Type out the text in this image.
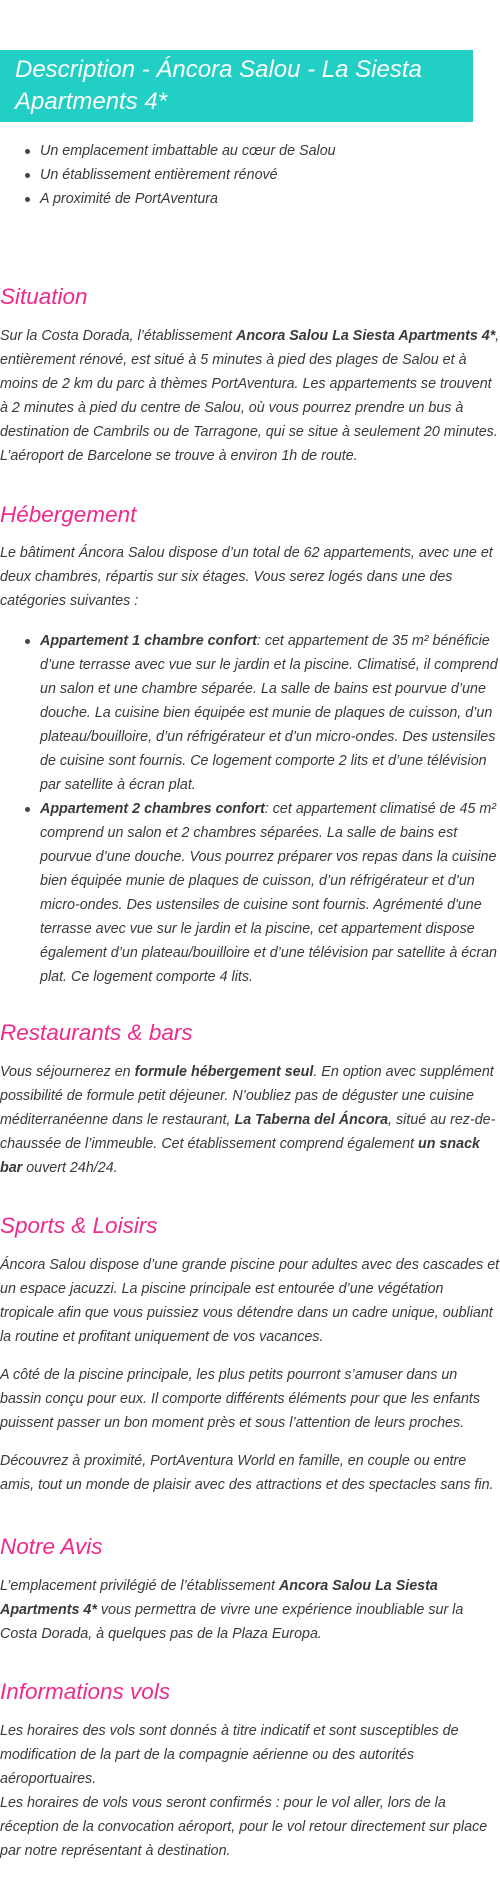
Description - Áncora Salou - La Siesta Apartments 4*
Un emplacement imbattable au cœur de Salou
Un établissement entièrement rénové
A proximité de PortAventura
Situation

Sur la Costa Dorada, l’établissement Ancora Salou La Siesta Apartments 4*, entièrement rénové, est situé à 5 minutes à pied des plages de Salou et à moins de 2 km du parc à thèmes PortAventura. Les appartements se trouvent à 2 minutes à pied du centre de Salou, où vous pourrez prendre un bus à destination de Cambrils ou de Tarragone, qui se situe à seulement 20 minutes. L’aéroport de Barcelone se trouve à environ 1h de route.

Hébergement

Le bâtiment Áncora Salou dispose d’un total de 62 appartements, avec une et deux chambres, répartis sur six étages. Vous serez logés dans une des catégories suivantes :

Appartement 1 chambre confort: cet appartement de 35 m² bénéficie d’une terrasse avec vue sur le jardin et la piscine. Climatisé, il comprend un salon et une chambre séparée. La salle de bains est pourvue d’une douche. La cuisine bien équipée est munie de plaques de cuisson, d’un plateau/bouilloire, d’un réfrigérateur et d’un micro-ondes. Des ustensiles de cuisine sont fournis. Ce logement comporte 2 lits et d’une télévision par satellite à écran plat.
Appartement 2 chambres confort: cet appartement climatisé de 45 m² comprend un salon et 2 chambres séparées. La salle de bains est pourvue d’une douche. Vous pourrez préparer vos repas dans la cuisine bien équipée munie de plaques de cuisson, d’un réfrigérateur et d’un micro-ondes. Des ustensiles de cuisine sont fournis. Agrémenté d'une terrasse avec vue sur le jardin et la piscine, cet appartement dispose également d’un plateau/bouilloire et d’une télévision par satellite à écran plat. Ce logement comporte 4 lits.
Restaurants & bars

Vous séjournerez en formule hébergement seul. En option avec supplément possibilité de formule petit déjeuner. N’oubliez pas de déguster une cuisine méditerranéenne dans le restaurant, La Taberna del Áncora, situé au rez-de-chaussée de l’immeuble. Cet établissement comprend également un snack bar ouvert 24h/24.

Sports & Loisirs

Áncora Salou dispose d’une grande piscine pour adultes avec des cascades et un espace jacuzzi. La piscine principale est entourée d’une végétation tropicale afin que vous puissiez vous détendre dans un cadre unique, oubliant la routine et profitant uniquement de vos vacances.

A côté de la piscine principale, les plus petits pourront s’amuser dans un bassin conçu pour eux. Il comporte différents éléments pour que les enfants puissent passer un bon moment près et sous l’attention de leurs proches.

Découvrez à proximité, PortAventura World en famille, en couple ou entre amis, tout un monde de plaisir avec des attractions et des spectacles sans fin.

Notre Avis

L’emplacement privilégié de l’établissement Ancora Salou La Siesta Apartments 4* vous permettra de vivre une expérience inoubliable sur la Costa Dorada, à quelques pas de la Plaza Europa.

Informations vols

Les horaires des vols sont donnés à titre indicatif et sont susceptibles de modification de la part de la compagnie aérienne ou des autorités aéroportuaires.

Les horaires de vols vous seront confirmés : pour le vol aller, lors de la réception de la convocation aéroport, pour le vol retour directement sur place par notre représentant à destination.
